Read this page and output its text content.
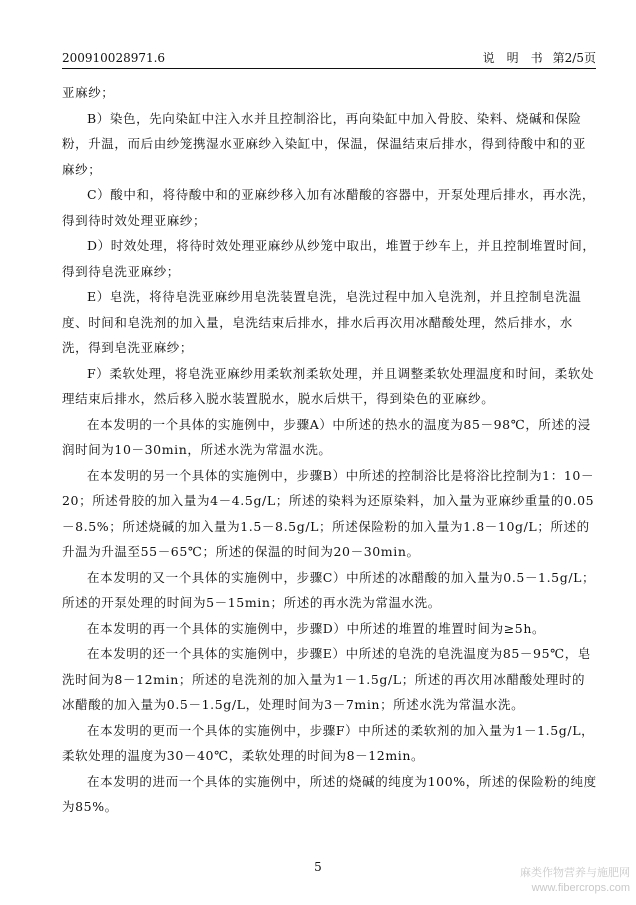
200910028971.6	说　明　书 第2/5页

亚麻纱；

B）染色，先向染缸中注入水并且控制浴比，再向染缸中加入骨胶、染料、烧碱和保险粉，升温，而后由纱笼携湿水亚麻纱入染缸中，保温，保温结束后排水，得到待酸中和的亚麻纱；

C）酸中和，将待酸中和的亚麻纱移入加有冰醋酸的容器中，开泵处理后排水，再水洗，得到待时效处理亚麻纱；

D）时效处理，将待时效处理亚麻纱从纱笼中取出，堆置于纱车上，并且控制堆置时间，得到待皂洗亚麻纱；

E）皂洗，将待皂洗亚麻纱用皂洗装置皂洗，皂洗过程中加入皂洗剂，并且控制皂洗温度、时间和皂洗剂的加入量，皂洗结束后排水，排水后再次用冰醋酸处理，然后排水，水洗，得到皂洗亚麻纱；

F）柔软处理，将皂洗亚麻纱用柔软剂柔软处理，并且调整柔软处理温度和时间，柔软处理结束后排水，然后移入脱水装置脱水，脱水后烘干，得到染色的亚麻纱。

在本发明的一个具体的实施例中，步骤A）中所述的热水的温度为85－98℃，所述的浸润时间为10－30min，所述水洗为常温水洗。

在本发明的另一个具体的实施例中，步骤B）中所述的控制浴比是将浴比控制为1：10－20；所述骨胶的加入量为4－4.5g/L；所述的染料为还原染料，加入量为亚麻纱重量的0.05－8.5%；所述烧碱的加入量为1.5－8.5g/L；所述保险粉的加入量为1.8－10g/L；所述的升温为升温至55－65℃；所述的保温的时间为20－30min。

在本发明的又一个具体的实施例中，步骤C）中所述的冰醋酸的加入量为0.5－1.5g/L；所述的开泵处理的时间为5－15min；所述的再水洗为常温水洗。

在本发明的再一个具体的实施例中，步骤D）中所述的堆置的堆置时间为≥5h。

在本发明的还一个具体的实施例中，步骤E）中所述的皂洗的皂洗温度为85－95℃，皂洗时间为8－12min；所述的皂洗剂的加入量为1－1.5g/L；所述的再次用冰醋酸处理时的冰醋酸的加入量为0.5－1.5g/L，处理时间为3－7min；所述水洗为常温水洗。

在本发明的更而一个具体的实施例中，步骤F）中所述的柔软剂的加入量为1－1.5g/L，柔软处理的温度为30－40℃，柔软处理的时间为8－12min。

在本发明的进而一个具体的实施例中，所述的烧碱的纯度为100%，所述的保险粉的纯度为85%。

5	麻类作物营养与施肥网
www.fibercrops.com
